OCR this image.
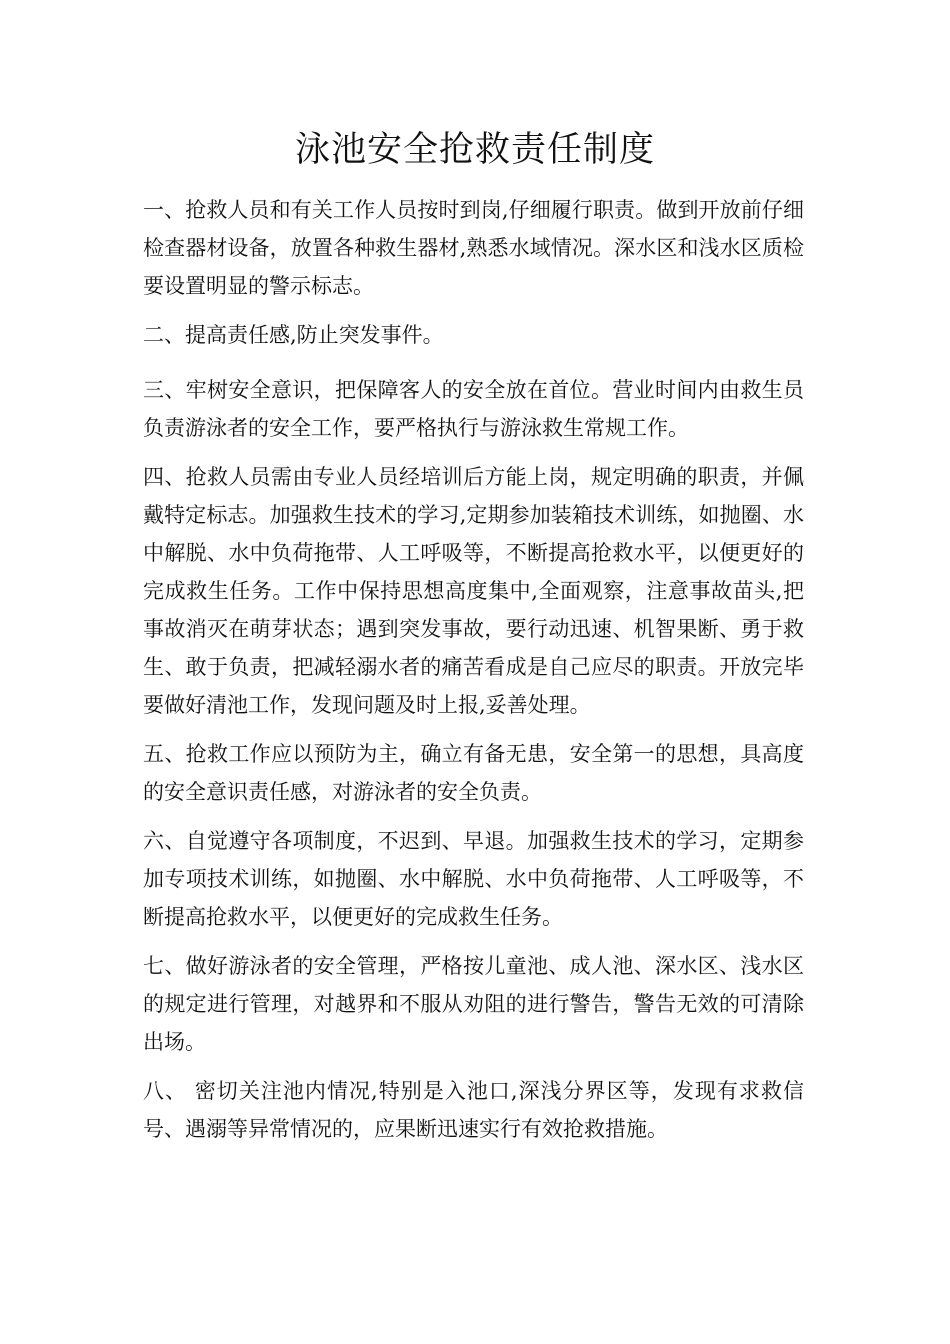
泳池安全抢救责任制度

一、抢救人员和有关工作人员按时到岗,仔细履行职责。做到开放前仔细检查器材设备，放置各种救生器材,熟悉水域情况。深水区和浅水区质检要设置明显的警示标志。

二、提高责任感,防止突发事件。

三、牢树安全意识，把保障客人的安全放在首位。营业时间内由救生员负责游泳者的安全工作，要严格执行与游泳救生常规工作。

四、抢救人员需由专业人员经培训后方能上岗，规定明确的职责，并佩戴特定标志。加强救生技术的学习,定期参加装箱技术训练，如抛圈、水中解脱、水中负荷拖带、人工呼吸等，不断提高抢救水平，以便更好的完成救生任务。工作中保持思想高度集中,全面观察，注意事故苗头,把事故消灭在萌芽状态；遇到突发事故，要行动迅速、机智果断、勇于救生、敢于负责，把减轻溺水者的痛苦看成是自己应尽的职责。开放完毕要做好清池工作，发现问题及时上报,妥善处理。

五、抢救工作应以预防为主，确立有备无患，安全第一的思想，具高度的安全意识责任感，对游泳者的安全负责。

六、自觉遵守各项制度，不迟到、早退。加强救生技术的学习，定期参加专项技术训练，如抛圈、水中解脱、水中负荷拖带、人工呼吸等，不断提高抢救水平，以便更好的完成救生任务。

七、做好游泳者的安全管理，严格按儿童池、成人池、深水区、浅水区的规定进行管理，对越界和不服从劝阻的进行警告，警告无效的可清除出场。

八、 密切关注池内情况,特别是入池口,深浅分界区等，发现有求救信号、遇溺等异常情况的，应果断迅速实行有效抢救措施。
